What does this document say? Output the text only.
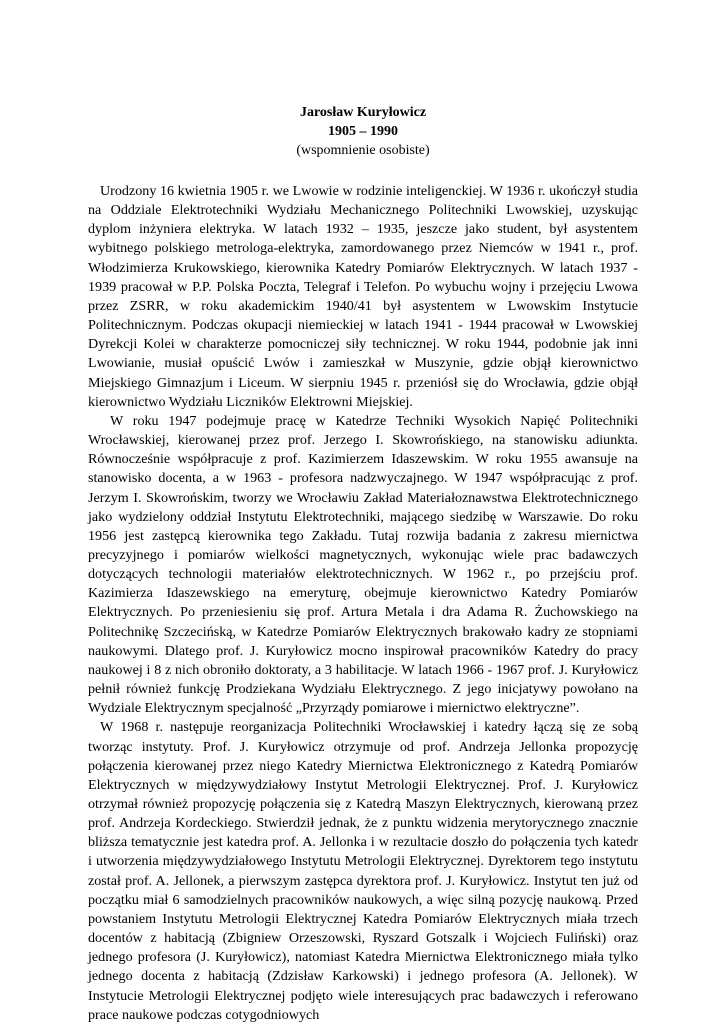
Jarosław Kuryłowicz
1905 – 1990
(wspomnienie osobiste)

Urodzony 16 kwietnia 1905 r. we Lwowie w rodzinie inteligenckiej. W 1936 r. ukończył studia na Oddziale Elektrotechniki Wydziału Mechanicznego Politechniki Lwowskiej, uzyskując dyplom inżyniera elektryka. W latach 1932 – 1935, jeszcze jako student, był asystentem wybitnego polskiego metrologa-elektryka, zamordowanego przez Niemców w 1941 r., prof. Włodzimierza Krukowskiego, kierownika Katedry Pomiarów Elektrycznych. W latach 1937 - 1939 pracował w P.P. Polska Poczta, Telegraf i Telefon. Po wybuchu wojny i przejęciu Lwowa przez ZSRR, w roku akademickim 1940/41 był asystentem w Lwowskim Instytucie Politechnicznym. Podczas okupacji niemieckiej w latach 1941 - 1944 pracował w Lwowskiej Dyrekcji Kolei w charakterze pomocniczej siły technicznej. W roku 1944, podobnie jak inni Lwowianie, musiał opuścić Lwów i zamieszkał w Muszynie, gdzie objął kierownictwo Miejskiego Gimnazjum i Liceum. W sierpniu 1945 r. przeniósł się do Wrocławia, gdzie objął kierownictwo Wydziału Liczników Elektrowni Miejskiej.

W roku 1947 podejmuje pracę w Katedrze Techniki Wysokich Napięć Politechniki Wrocławskiej, kierowanej przez prof. Jerzego I. Skowrońskiego, na stanowisku adiunkta. Równocześnie współpracuje z prof. Kazimierzem Idaszewskim. W roku 1955 awansuje na stanowisko docenta, a w 1963 - profesora nadzwyczajnego. W 1947 współpracując z prof. Jerzym I. Skowrońskim, tworzy we Wrocławiu Zakład Materiałoznawstwa Elektrotechnicznego jako wydzielony oddział Instytutu Elektrotechniki, mającego siedzibę w Warszawie. Do roku 1956 jest zastępcą kierownika tego Zakładu. Tutaj rozwija badania z zakresu miernictwa precyzyjnego i pomiarów wielkości magnetycznych, wykonując wiele prac badawczych dotyczących technologii materiałów elektrotechnicznych. W 1962 r., po przejściu prof. Kazimierza Idaszewskiego na emeryturę, obejmuje kierownictwo Katedry Pomiarów Elektrycznych. Po przeniesieniu się prof. Artura Metala i dra Adama R. Żuchowskiego na Politechnikę Szczecińską, w Katedrze Pomiarów Elektrycznych brakowało kadry ze stopniami naukowymi. Dlatego prof. J. Kuryłowicz mocno inspirował pracowników Katedry do pracy naukowej i 8 z nich obroniło doktoraty, a 3 habilitacje. W latach 1966 - 1967 prof. J. Kuryłowicz pełnił również funkcję Prodziekana Wydziału Elektrycznego. Z jego inicjatywy powołano na Wydziale Elektrycznym specjalność „Przyrządy pomiarowe i miernictwo elektryczne”.

W 1968 r. następuje reorganizacja Politechniki Wrocławskiej i katedry łączą się ze sobą tworząc instytuty. Prof. J. Kuryłowicz otrzymuje od prof. Andrzeja Jellonka propozycję połączenia kierowanej przez niego Katedry Miernictwa Elektronicznego z Katedrą Pomiarów Elektrycznych w międzywydziałowy Instytut Metrologii Elektrycznej. Prof. J. Kuryłowicz otrzymał również propozycję połączenia się z Katedrą Maszyn Elektrycznych, kierowaną przez prof. Andrzeja Kordeckiego. Stwierdził jednak, że z punktu widzenia merytorycznego znacznie bliższa tematycznie jest katedra prof. A. Jellonka i w rezultacie doszło do połączenia tych katedr i utworzenia międzywydziałowego Instytutu Metrologii Elektrycznej. Dyrektorem tego instytutu został prof. A. Jellonek, a pierwszym zastępca dyrektora prof. J. Kuryłowicz. Instytut ten już od początku miał 6 samodzielnych pracowników naukowych, a więc silną pozycję naukową. Przed powstaniem Instytutu Metrologii Elektrycznej Katedra Pomiarów Elektrycznych miała trzech docentów z habitacją (Zbigniew Orzeszowski, Ryszard Gotszalk i Wojciech Fuliński) oraz jednego profesora (J. Kuryłowicz), natomiast Katedra Miernictwa Elektronicznego miała tylko jednego docenta z habitacją (Zdzisław Karkowski) i jednego profesora (A. Jellonek). W Instytucie Metrologii Elektrycznej podjęto wiele interesujących prac badawczych i referowano prace naukowe podczas cotygodniowych
